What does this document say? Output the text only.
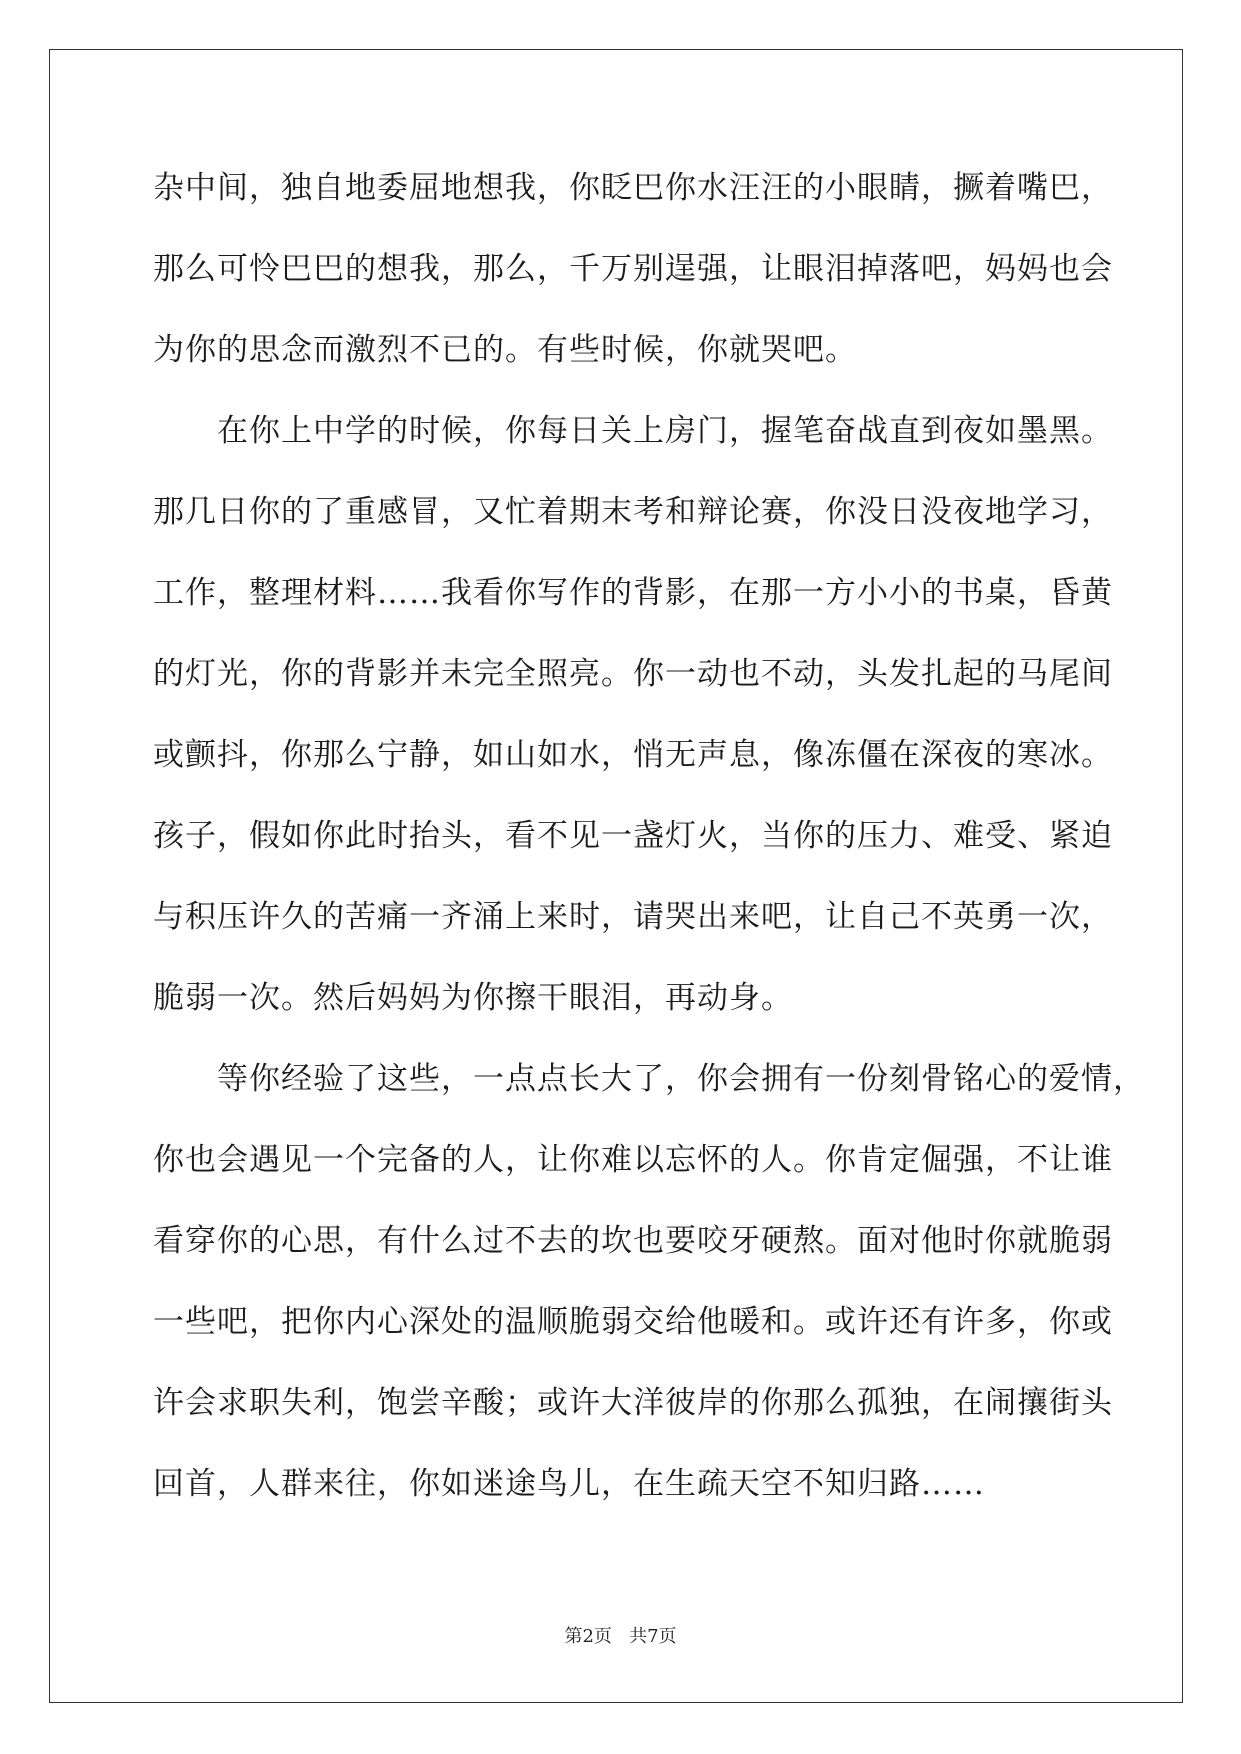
杂中间，独自地委屈地想我，你眨巴你水汪汪的小眼睛，撅着嘴巴，
那么可怜巴巴的想我，那么，千万别逞强，让眼泪掉落吧，妈妈也会
为你的思念而激烈不已的。有些时候，你就哭吧。
　　在你上中学的时候，你每日关上房门，握笔奋战直到夜如墨黑。
那几日你的了重感冒，又忙着期末考和辩论赛，你没日没夜地学习，
工作，整理材料……我看你写作的背影，在那一方小小的书桌，昏黄
的灯光，你的背影并未完全照亮。你一动也不动，头发扎起的马尾间
或颤抖，你那么宁静，如山如水，悄无声息，像冻僵在深夜的寒冰。
孩子，假如你此时抬头，看不见一盏灯火，当你的压力、难受、紧迫
与积压许久的苦痛一齐涌上来时，请哭出来吧，让自己不英勇一次，
脆弱一次。然后妈妈为你擦干眼泪，再动身。
　　等你经验了这些，一点点长大了，你会拥有一份刻骨铭心的爱情，
你也会遇见一个完备的人，让你难以忘怀的人。你肯定倔强，不让谁
看穿你的心思，有什么过不去的坎也要咬牙硬熬。面对他时你就脆弱
一些吧，把你内心深处的温顺脆弱交给他暖和。或许还有许多，你或
许会求职失利，饱尝辛酸；或许大洋彼岸的你那么孤独，在闹攘街头
回首，人群来往，你如迷途鸟儿，在生疏天空不知归路……
第2页 共7页
